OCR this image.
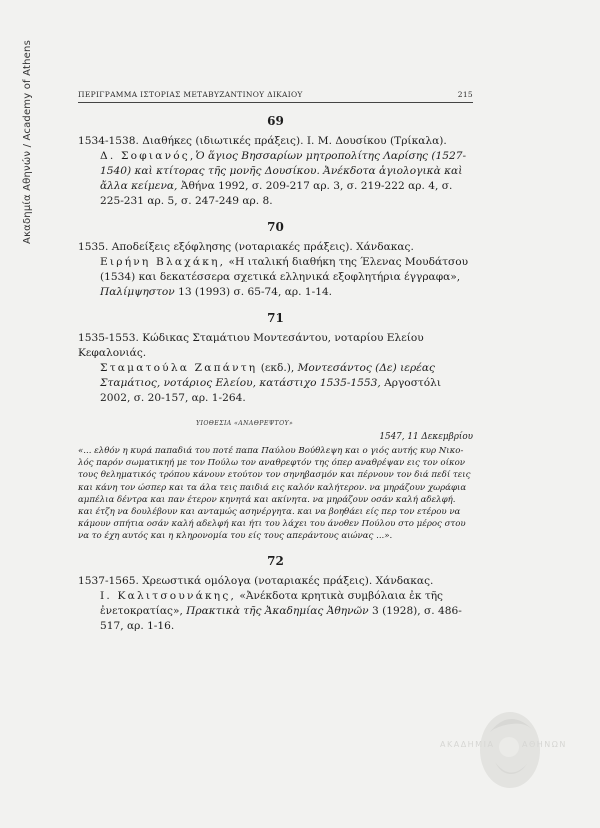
Ακαδημία Αθηνών / Academy of Athens	ΠΕΡΙΓΡΑΜΜΑ ΙΣΤΟΡΙΑΣ ΜΕΤΑΒΥΖΑΝΤΙΝΟΥ ΔΙΚΑΙΟΥ	215
69

1534-1538. Διαθήκες (ιδιωτικές πράξεις). Ι. Μ. Δουσίκου (Τρίκαλα).

Δ. Σοφιανός,Ὁ ἅγιος Βησσαρίων μητροπολίτης Λαρίσης (1527-1540) καὶ κτίτορας τῆς μονῆς Δουσίκου. Ἀνέκδοτα ἁγιολογικὰ καὶ ἄλλα κείμενα, Ἀθήνα 1992, σ. 209-217 αρ. 3, σ. 219-222 αρ. 4, σ. 225-231 αρ. 5, σ. 247-249 αρ. 8.

70

1535. Αποδείξεις εξόφλησης (νοταριακές πράξεις). Χάνδακας.

Ειρήνη Βλαχάκη, «Η ιταλική διαθήκη της Έλενας Μουδάτσου (1534) και δεκατέσσερα σχετικά ελληνικά εξοφλητήρια έγγραφα», Παλίμψηστον 13 (1993) σ. 65-74, αρ. 1-14.

71

1535-1553. Κώδικας Σταμάτιου Μοντεσάντου, νοταρίου Ελείου Κεφαλονιάς.

Σταματούλα Ζαπάντη (εκδ.), Μοντεσάντος (Δε) ιερέας Σταμάτιος, νοτάριος Ελείου, κατάστιχο 1535-1553, Αργοστόλι 2002, σ. 20-157, αρ. 1-264.

ΥΙΟΘΕΣΙΑ «ΑΝΑΘΡΕΨΤΟΥ»
1547, 11 Δεκεμβρίου

«... ελθόν η κυρά παπαδιά του ποτέ παπα Παύλου Βούθλεψη και ο γιός αυτής κυρ Νικο-

λός παρόν σωματικηή με τον Πούλω τον αναθρεφτόν της όπερ αναθρέψαν εις τον οίκον

τους θεληματικός τρόπου κάνουν ετούτον τον σηνηβασμόν και πέρνουν τον διά πεδί τεις

και κάνη τον ώσπερ και τα άλα τεις παιδιά εις καλόν καλήτερον. να μηράζουν χωράφια

αμπέλια δέντρα και παν έτερον κηνητά και ακίνητα. να μηράζουν οσάν καλή αδελφή.

και έτζη να δουλέβουν και ανταμώς ασηνέργητα. και να βοηθάει είς περ τον ετέρου να

κάμουν σπήτια οσάν καλή αδελφή και ήτι του λάχει του άνοθεν Πούλου στο μέρος στου

να το έχη αυτός και η κληρονομία του είς τους απεράντους αιώνας ...».

72

1537-1565. Χρεωστικά ομόλογα (νοταριακές πράξεις). Χάνδακας.

Ι. Καλιτσουνάκης, «Ἀνέκδοτα κρητικὰ συμβόλαια ἐκ τῆς ἐνετοκρατίας», Πρακτικὰ τῆς Ἀκαδημίας Ἀθηνῶν 3 (1928), σ. 486-517, αρ. 1-16.

ΑΚΑΔΗΜΙΑ	ΑΘΗΝΩΝ
